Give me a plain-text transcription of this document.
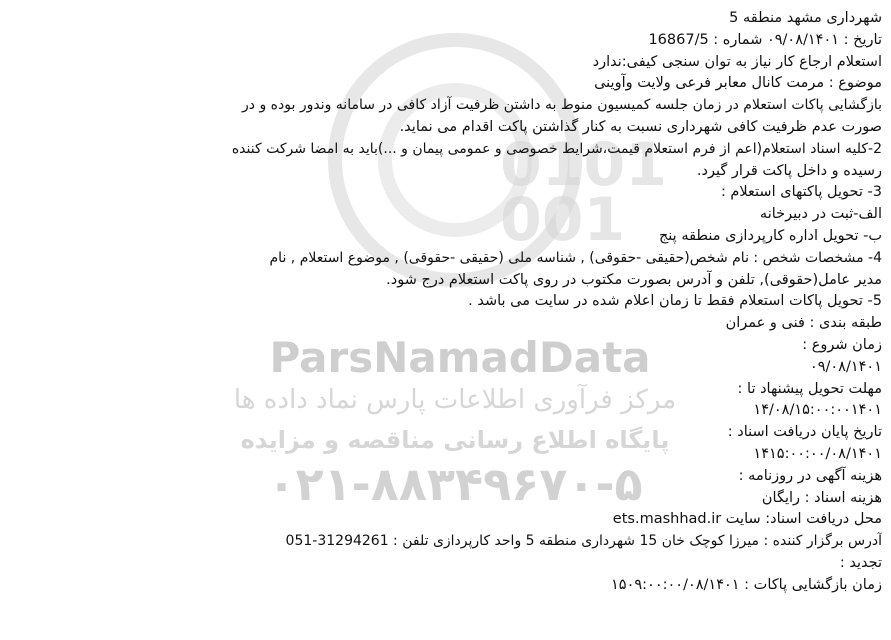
0101
001
ParsNamadData
مرکز فرآوری اطلاعات پارس نماد داده ها
پایگاه اطلاع رسانی مناقصه و مزایده
۰۲۱-۸۸۳۴۹۶۷۰-۵
شهرداری مشهد منطقه 5
تاریخ : ۰۹/۰۸/۱۴۰۱ شماره : 16867/5
استعلام ارجاع کار نیاز به توان سنجی کیفی:ندارد
موضوع : مرمت کانال معابر فرعی ولایت وآوینی
بازگشایی پاکات استعلام در زمان جلسه کمیسیون منوط به داشتن ظرفیت آزاد کافی در سامانه وندور بوده و در
صورت عدم ظرفیت کافی شهرداری نسبت به کنار گذاشتن پاکت اقدام می نماید.
2-کلیه اسناد استعلام(اعم از فرم استعلام قیمت،شرایط خصوصی و عمومی پیمان و ...)باید به امضا شرکت کننده
رسیده و داخل پاکت قرار گیرد.
3- تحویل پاکتهای استعلام :
الف-ثبت در دبیرخانه
ب- تحویل اداره کارپردازی منطقه پنج
4- مشخصات شخص : نام شخص(حقیقی -حقوقی) , شناسه ملی (حقیقی -حقوقی) , موضوع استعلام , نام
مدیر عامل(حقوقی), تلفن و آدرس بصورت مکتوب در روی پاکت استعلام درج شود.
5- تحویل پاکات استعلام فقط تا زمان اعلام شده در سایت می باشد .
طبقه بندی : فنی و عمران
زمان شروع :
۰۹/۰۸/۱۴۰۱
مهلت تحویل پیشنهاد تا :
۱۴/۰۸/۱۵:۰۰:۰۰۱۴۰۱
تاریخ پایان دریافت اسناد :
۱۴۱۵:۰۰:۰۰/۰۸/۱۴۰۱
هزینه آگهی در روزنامه :
هزینه اسناد : رایگان
محل دریافت اسناد: سایت ets.mashhad.ir
آدرس برگزار کننده : میرزا کوچک خان 15 شهرداری منطقه 5 واحد کارپردازی تلفن : 31294261-051
تجدید :
زمان بازگشایی پاکات : ۱۵۰۹:۰۰:۰۰/۰۸/۱۴۰۱
